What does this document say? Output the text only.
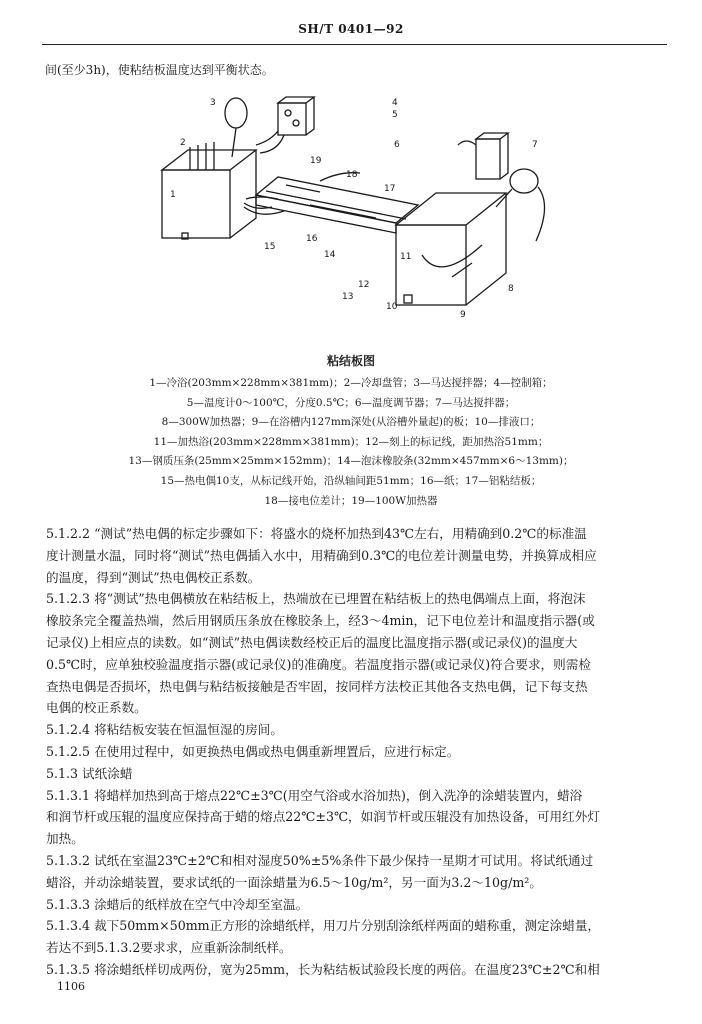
SH/T 0401—92
间(至少3h)，使粘结板温度达到平衡状态。
1
2
3	4
5
6	7
8
9
10
11
12
13
14
15
16
17
18
19
粘结板图
1—冷浴(203mm×228mm×381mm)；2—冷却盘管；3—马达搅拌器；4—控制箱；
5—温度计0～100℃，分度0.5℃；6—温度调节器；7—马达搅拌器；
8—300W加热器；9—在浴槽内127mm深处(从浴槽外量起)的板；10—排液口；
11—加热浴(203mm×228mm×381mm)；12—刻上的标记线，距加热浴51mm；
13—钢质压条(25mm×25mm×152mm)；14—泡沫橡胶条(32mm×457mm×6～13mm)；
15—热电偶10支，从标记线开始，沿纵轴间距51mm；16—纸；17—铝粘结板；
18—接电位差计；19—100W加热器

5.1.2.2 “测试”热电偶的标定步骤如下：将盛水的烧杯加热到43℃左右，用精确到0.2℃的标准温

度计测量水温，同时将“测试”热电偶插入水中，用精确到0.3℃的电位差计测量电势，并换算成相应

的温度，得到“测试”热电偶校正系数。

5.1.2.3 将“测试”热电偶横放在粘结板上，热端放在已埋置在粘结板上的热电偶端点上面，将泡沫

橡胶条完全覆盖热端，然后用钢质压条放在橡胶条上，经3～4min，记下电位差计和温度指示器(或

记录仪)上相应点的读数。如“测试”热电偶读数经校正后的温度比温度指示器(或记录仪)的温度大

0.5℃时，应单独校验温度指示器(或记录仪)的准确度。若温度指示器(或记录仪)符合要求，则需检

查热电偶是否损坏，热电偶与粘结板接触是否牢固，按同样方法校正其他各支热电偶，记下每支热

电偶的校正系数。

5.1.2.4 将粘结板安装在恒温恒湿的房间。

5.1.2.5 在使用过程中，如更换热电偶或热电偶重新埋置后，应进行标定。

5.1.3 试纸涂蜡

5.1.3.1 将蜡样加热到高于熔点22℃±3℃(用空气浴或水浴加热)，倒入洗净的涂蜡装置内，蜡浴

和润节杆或压辊的温度应保持高于蜡的熔点22℃±3℃，如润节杆或压辊没有加热设备，可用红外灯

加热。

5.1.3.2 试纸在室温23℃±2℃和相对湿度50%±5%条件下最少保持一星期才可试用。将试纸通过

蜡浴，并动涂蜡装置，要求试纸的一面涂蜡量为6.5～10g/m²，另一面为3.2～10g/m²。

5.1.3.3 涂蜡后的纸样放在空气中冷却至室温。

5.1.3.4 裁下50mm×50mm正方形的涂蜡纸样，用刀片分别刮涂纸样两面的蜡称重，测定涂蜡量，

若达不到5.1.3.2要求求，应重新涂制纸样。

5.1.3.5 将涂蜡纸样切成两份，宽为25mm，长为粘结板试验段长度的两倍。在温度23℃±2℃和相

1106
